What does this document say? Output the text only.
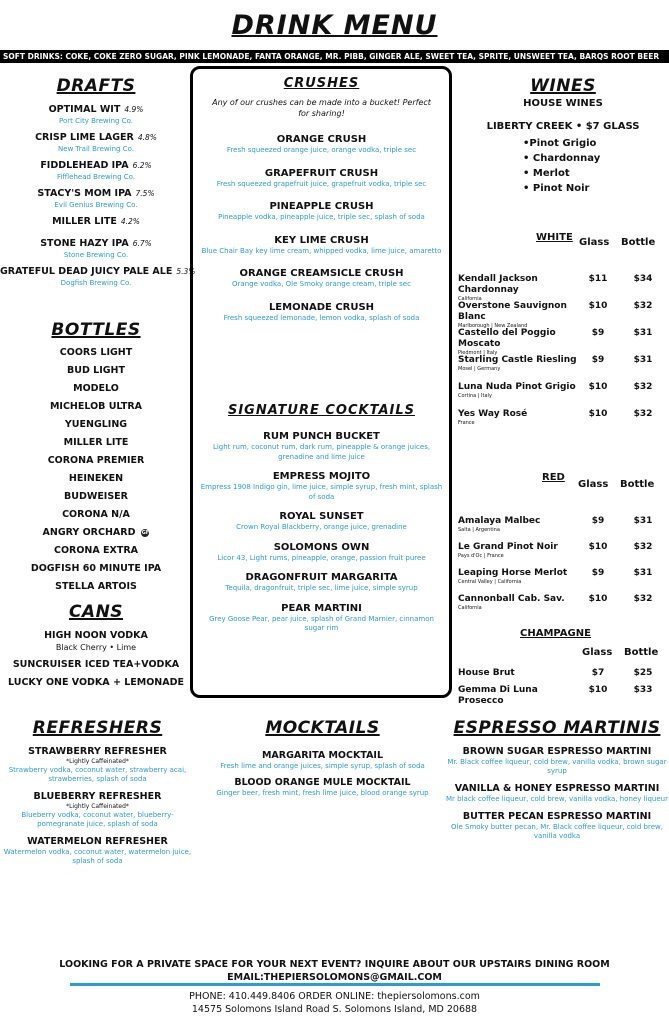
DRINK MENU
SOFT DRINKS: COKE, COKE ZERO SUGAR, PINK LEMONADE, FANTA ORANGE, MR. PIBB, GINGER ALE, SWEET TEA, SPRITE, UNSWEET TEA, BARQS ROOT BEER
DRAFTS
OPTIMAL WIT 4.9%
Port City Brewing Co.
CRISP LIME LAGER 4.8%
New Trail Brewing Co.
FIDDLEHEAD IPA 6.2%
Fifflehead Brewing Co.
STACY'S MOM IPA 7.5%
Evil Genius Brewing Co.
MILLER LITE 4.2%
STONE HAZY IPA 6.7%
Stone Brewing Co.
GRATEFUL DEAD JUICY PALE ALE 5.3%
Dogfish Brewing Co.
BOTTLES
COORS LIGHT
BUD LIGHT
MODELO
MICHELOB ULTRA
YUENGLING
MILLER LITE
CORONA PREMIER
HEINEKEN
BUDWEISER
CORONA N/A
ANGRY ORCHARD GF
CORONA EXTRA
DOGFISH 60 MINUTE IPA
STELLA ARTOIS
CANS
HIGH NOON VODKA
Black Cherry • Lime
SUNCRUISER ICED TEA+VODKA
LUCKY ONE VODKA + LEMONADE
CRUSHES
Any of our crushes can be made into a bucket! Perfect for sharing!
ORANGE CRUSH
Fresh squeezed orange juice, orange vodka, triple sec
GRAPEFRUIT CRUSH
Fresh squeezed grapefruit juice, grapefruit vodka, triple sec
PINEAPPLE CRUSH
Pineapple vodka, pineapple juice, triple sec, splash of soda
KEY LIME CRUSH
Blue Chair Bay key lime cream, whipped vodka, lime juice, amaretto
ORANGE CREAMSICLE CRUSH
Orange vodka, Ole Smoky orange cream, triple sec
LEMONADE CRUSH
Fresh squeezed lemonade, lemon vodka, splash of soda
SIGNATURE COCKTAILS
RUM PUNCH BUCKET
Light rum, coconut rum, dark rum, pineapple & orange juices, grenadine and lime juice
EMPRESS MOJITO
Empress 1908 Indigo gin, lime juice, simple syrup, fresh mint, splash of soda
ROYAL SUNSET
Crown Royal Blackberry, orange juice, grenadine
SOLOMONS OWN
Licor 43, Light rums, pineapple, orange, passion fruit puree
DRAGONFRUIT MARGARITA
Tequila, dragonfruit, triple sec, lime juice, simple syrup
PEAR MARTINI
Grey Goose Pear, pear juice, splash of Grand Marnier, cinnamon sugar rim
WINES
HOUSE WINES
LIBERTY CREEK • $7 GLASS
•Pinot Grigio
• Chardonnay
• Merlot
• Pinot Noir
WHITE Glass Bottle
Kendall Jackson Chardonnay
California
$11	$34
Overstone Sauvignon Blanc
Marlborough | New Zealand
$10	$32
Castello del Poggio Moscato
Piedmont | Italy
$9	$31
Starling Castle Riesling
Mosel | Germany
$9	$31
Luna Nuda Pinot Grigio
Cortina | Italy
$10	$32
Yes Way Rosé
France
$10	$32
RED
Glass Bottle
Amalaya Malbec
Salta | Argentina
$9	$31
Le Grand Pinot Noir
Pays d'Oc | France
$10	$32
Leaping Horse Merlot
Central Valley | California
$9	$31
Cannonball Cab. Sav.
California
$10	$32
CHAMPAGNE
Glass Bottle
House Brut	$7	$25
Gemma Di Luna Prosecco
$10	$33
REFRESHERS
STRAWBERRY REFRESHER
*Lightly Caffeinated*
Strawberry vodka, coconut water, strawberry acai, strawberries, splash of soda
BLUEBERRY REFRESHER
*Lightly Caffeinated*
Blueberry vodka, coconut water, blueberry-pomegranate juice, splash of soda
WATERMELON REFRESHER
Watermelon vodka, coconut water, watermelon juice, splash of soda
MOCKTAILS
MARGARITA MOCKTAIL
Fresh lime and orange juices, simple syrup, splash of soda
BLOOD ORANGE MULE MOCKTAIL
Ginger beer, fresh mint, fresh lime juice, blood orange syrup
ESPRESSO MARTINIS
BROWN SUGAR ESPRESSO MARTINI
Mr. Black coffee liqueur, cold brew, vanilla vodka, brown sugar syrup
VANILLA & HONEY ESPRESSO MARTINI
Mr black coffee liqueur, cold brew, vanilla vodka, honey liqueur
BUTTER PECAN ESPRESSO MARTINI
Ole Smoky butter pecan, Mr. Black coffee liqueur, cold brew, vanilla vodka
LOOKING FOR A PRIVATE SPACE FOR YOUR NEXT EVENT? INQUIRE ABOUT OUR UPSTAIRS DINING ROOM
EMAIL:THEPIERSOLOMONS@GMAIL.COM
PHONE: 410.449.8406 ORDER ONLINE: thepiersolomons.com
14575 Solomons Island Road S. Solomons Island, MD 20688
